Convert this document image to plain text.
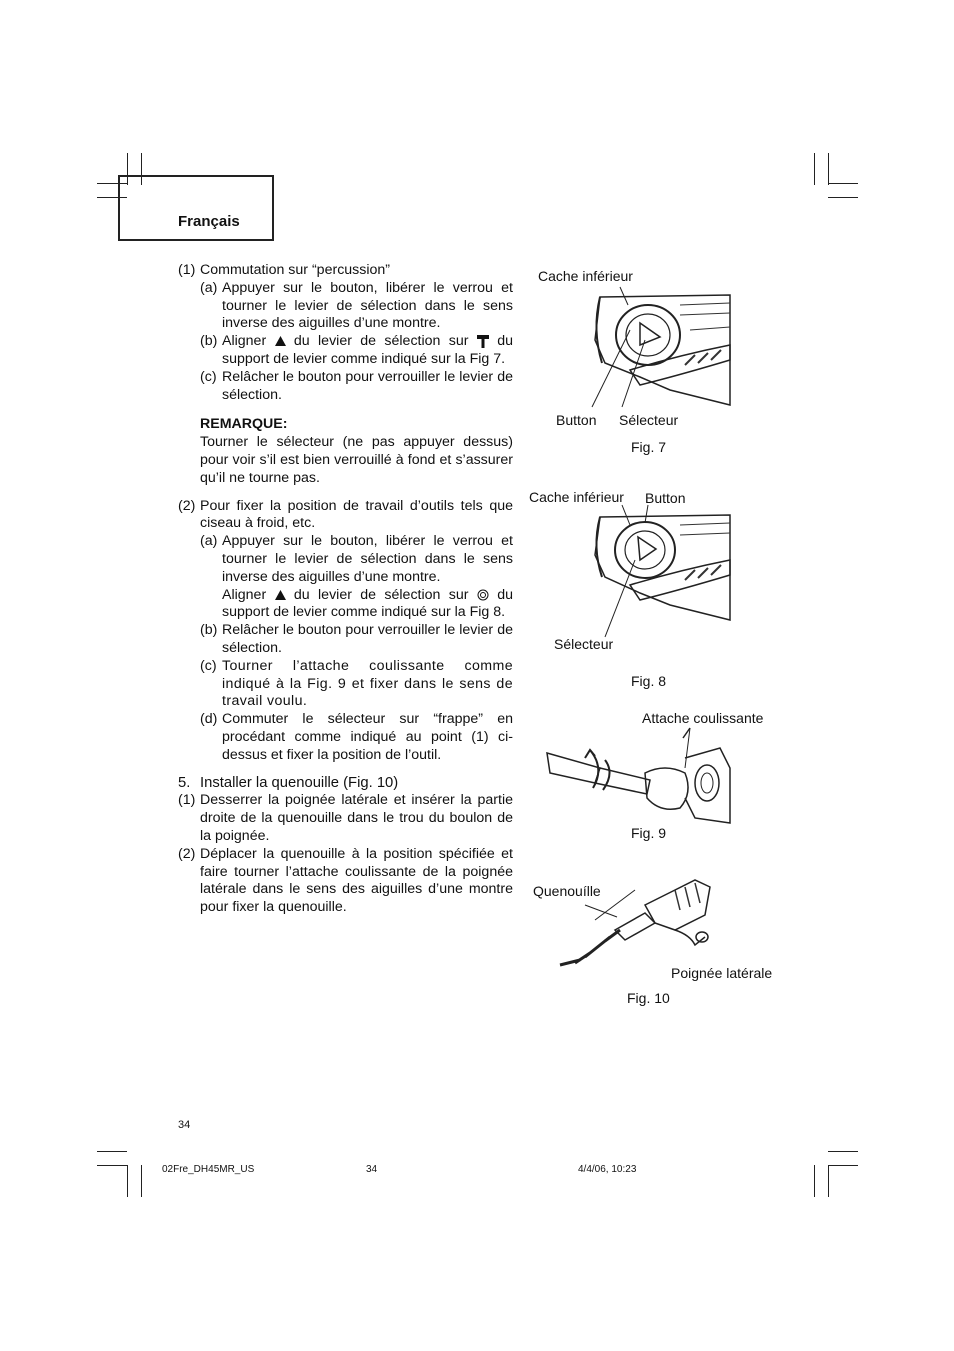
Français
(1) Commutation sur “percussion”
(a) Appuyer sur le bouton, libérer le verrou et tourner le levier de sélection dans le sens inverse des aiguilles d’une montre.
(b) Aligner du levier de sélection sur du support de levier comme indiqué sur la Fig 7.
(c) Relâcher le bouton pour verrouiller le levier de sélection.
REMARQUE:
Tourner le sélecteur (ne pas appuyer dessus) pour voir s’il est bien verrouillé à fond et s’assurer qu’il ne tourne pas.
(2) Pour fixer la position de travail d’outils tels que ciseau à froid, etc.
(a) Appuyer sur le bouton, libérer le verrou et tourner le levier de sélection dans le sens inverse des aiguilles d’une montre.
Aligner du levier de sélection sur du support de levier comme indiqué sur la Fig 8.
(b) Relâcher le bouton pour verrouiller le levier de sélection.
(c) Tourner l’attache coulissante comme indiqué à la Fig. 9 et fixer dans le sens de travail voulu.
(d) Commuter le sélecteur sur “frappe” en procédant comme indiqué au point (1) ci-dessus et fixer la position de l’outil.
5. Installer la quenouille (Fig. 10)
(1) Desserrer la poignée latérale et insérer la partie droite de la quenouille dans le trou du boulon de la poignée.
(2) Déplacer la quenouille à la position spécifiée et faire tourner l’attache coulissante de la poignée latérale dans le sens des aiguilles d’une montre pour fixer la quenouille.
Cache inférieur
Button Sélecteur
Fig. 7
Cache inférieur Button
Sélecteur
Fig. 8
Attache coulissante
Fig. 9
Quenouílle
Poignée latérale
Fig. 10
34
02Fre_DH45MR_US	34	4/4/06, 10:23
